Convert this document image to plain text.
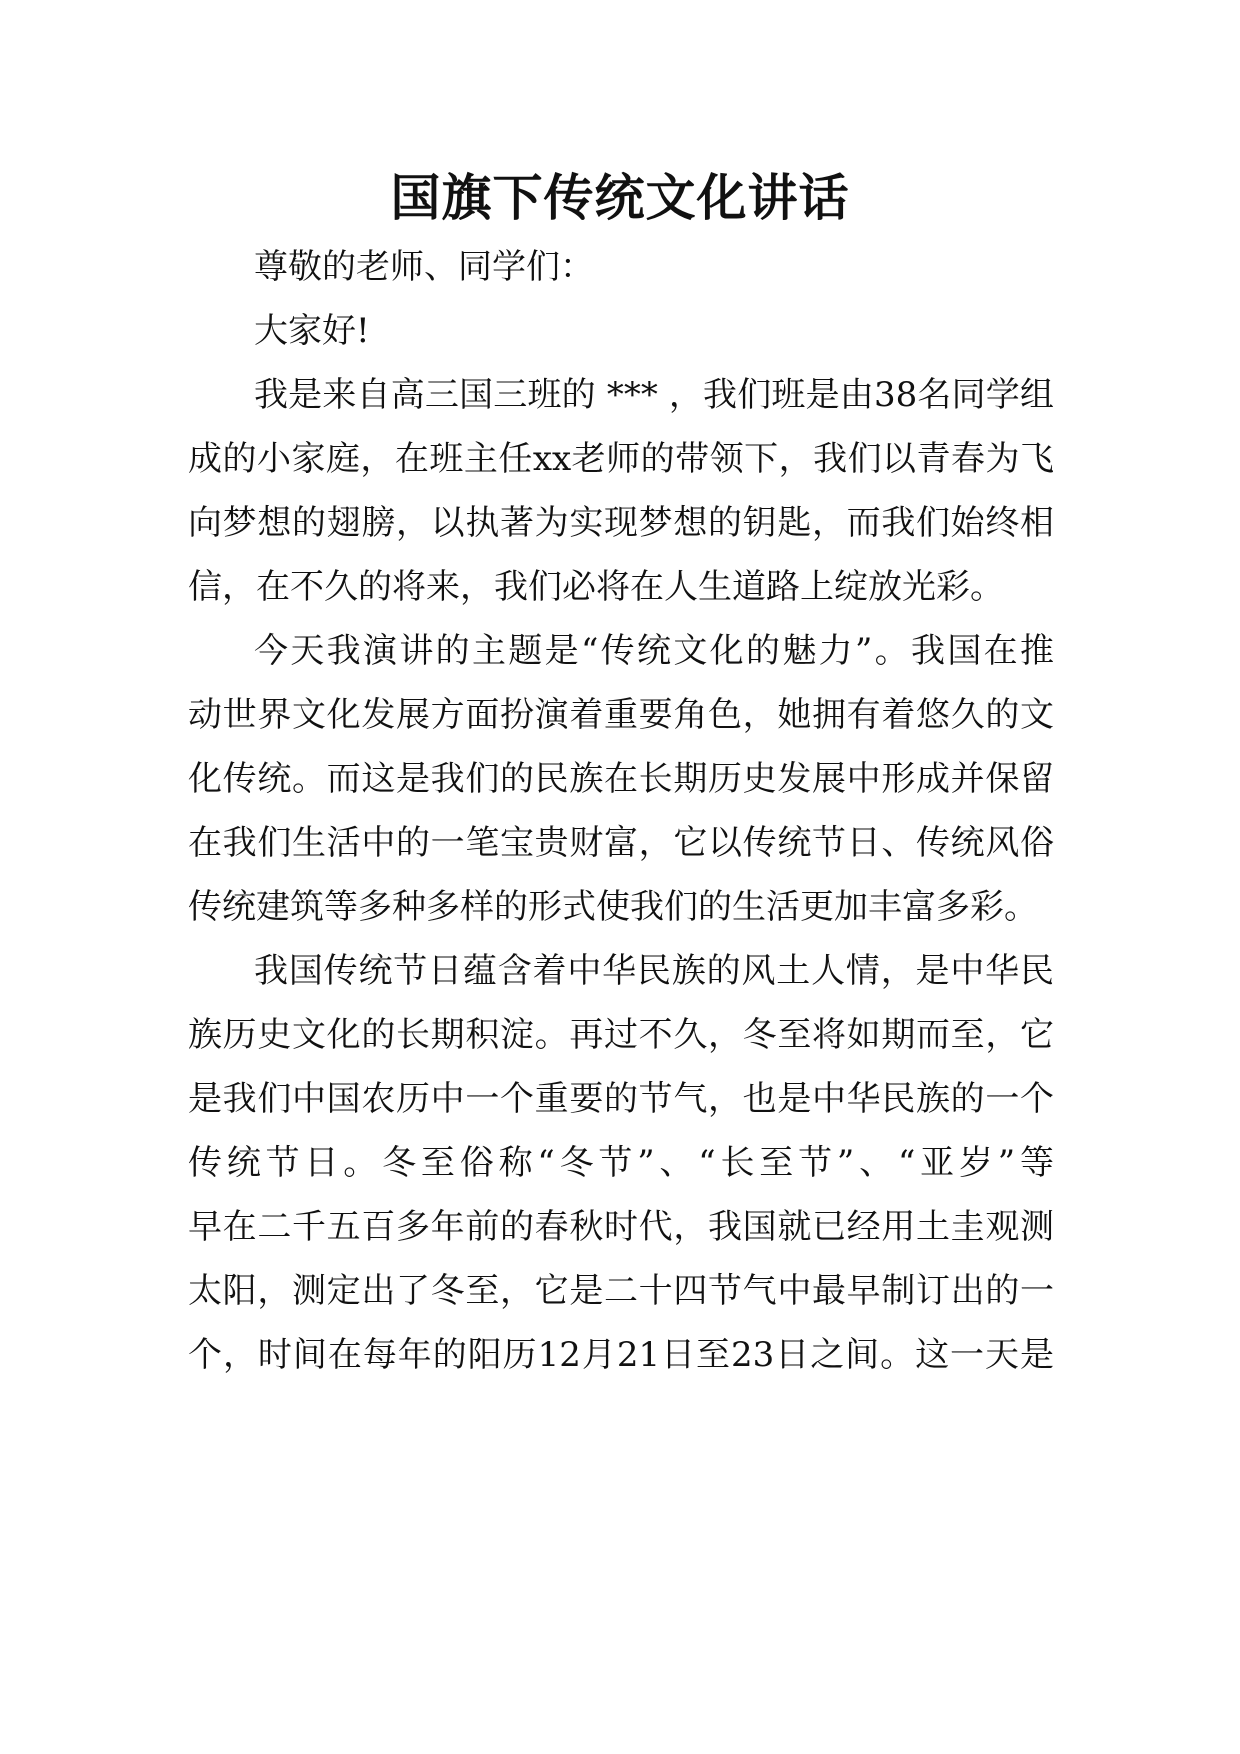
国旗下传统文化讲话

尊敬的老师、同学们：

大家好!

我是来自高三国三班的 *** ，我们班是由38名同学组

成的小家庭，在班主任xx老师的带领下，我们以青春为飞

向梦想的翅膀，以执著为实现梦想的钥匙，而我们始终相

信，在不久的将来，我们必将在人生道路上绽放光彩。

今天我演讲的主题是“传统文化的魅力”。我国在推

动世界文化发展方面扮演着重要角色，她拥有着悠久的文

化传统。而这是我们的民族在长期历史发展中形成并保留

在我们生活中的一笔宝贵财富，它以传统节日、传统风俗

传统建筑等多种多样的形式使我们的生活更加丰富多彩。

我国传统节日蕴含着中华民族的风土人情，是中华民

族历史文化的长期积淀。再过不久，冬至将如期而至，它

是我们中国农历中一个重要的节气，也是中华民族的一个

传统节日。冬至俗称“冬节”、“长至节”、“亚岁”等

早在二千五百多年前的春秋时代，我国就已经用土圭观测

太阳，测定出了冬至，它是二十四节气中最早制订出的一

个，时间在每年的阳历12月21日至23日之间。这一天是
